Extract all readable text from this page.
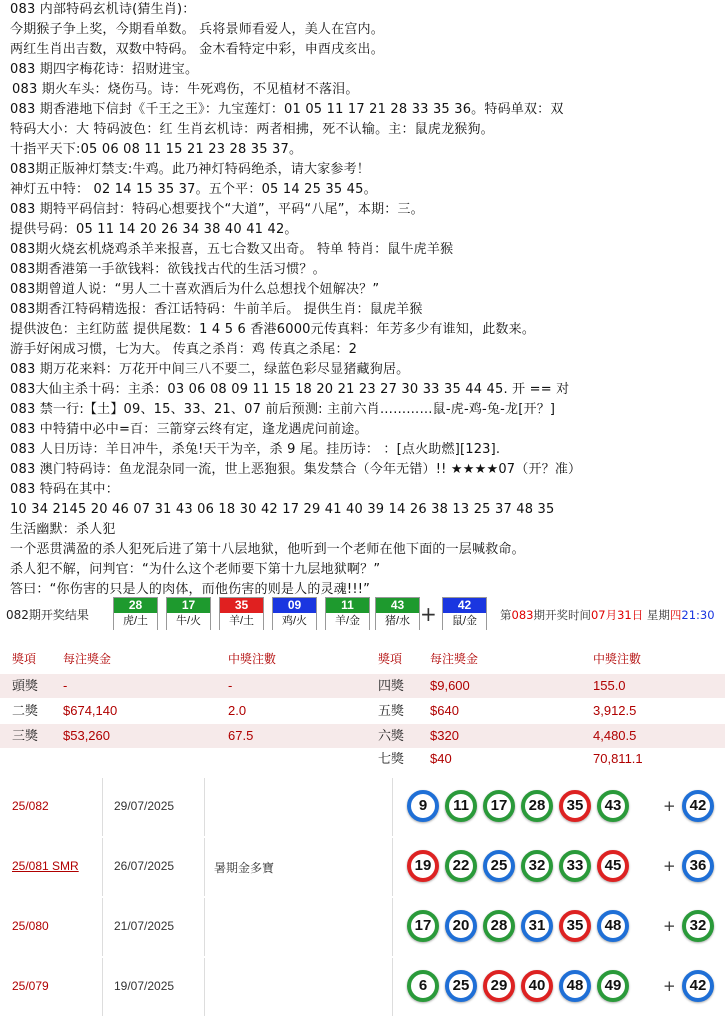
083 内部特码玄机诗(猜生肖)：
今期猴子争上奖，今期看单数。 兵将景师看爱人，美人在宫内。
两红生肖出吉数，双数中特码。 金木看特定中彩，申酉戌亥出。
083 期四字梅花诗：招财进宝。
083 期火车头：烧伤马。诗：牛死鸡伤，不见植材不落泪。
083 期香港地下信封《千王之王》：九宝莲灯：01 05 11 17 21 28 33 35 36。特码单双：双
特码大小：大 特码波色：红 生肖玄机诗：两者相拂，死不认输。主：鼠虎龙猴狗。
十指平天下:05 06 08 11 15 21 23 28 35 37。
083期正版神灯禁支:牛鸡。此乃神灯特码绝杀，请大家参考！
神灯五中特： 02 14 15 35 37。五个平：05 14 25 35 45。
083 期特平码信封：特码心想要找个“大道”，平码“八尾”，本期：三。
提供号码：05 11 14 20 26 34 38 40 41 42。
083期火烧玄机烧鸡杀羊来报喜，五七合数又出奇。 特单 特肖：鼠牛虎羊猴
083期香港第一手欲钱料：欲钱找古代的生活习惯？。
083期曾道人说：“男人二十喜欢酒后为什么总想找个妞解决？”
083期香江特码精选报：香江话特码：牛前羊后。 提供生肖：鼠虎羊猴
提供波色：主红防蓝 提供尾数：1 4 5 6 香港6000元传真料：年芳多少有谁知，此数来。
游手好闲成习惯，七为大。 传真之杀肖：鸡 传真之杀尾：2
083 期万花来料：万花开中间三八不要二，绿蓝色彩尽显猪藏狗居。
083大仙主杀十码：主杀：03 06 08 09 11 15 18 20 21 23 27 30 33 35 44 45. 开 == 对
083 禁一行:【土】09、15、33、21、07 前后预测: 主前六肖…………鼠-虎-鸡-兔-龙[开？]
083 中特猜中必中=百：三箭穿云终有定，逢龙遇虎问前途。
083 人日历诗：羊日冲牛，杀兔!天干为辛，杀 9 尾。挂历诗： ：[点火助燃][123].
083 澳门特码诗：鱼龙混杂同一流，世上恶狍狠。集发禁合（今年无错）!! ★★★★07（开？准）
083 特码在其中：
10 34 2145 20 46 07 31 43 06 18 30 42 17 29 41 40 39 14 26 38 13 25 37 48 35
生活幽默：杀人犯
一个恶贯满盈的杀人犯死后进了第十八层地狱，他听到一个老师在他下面的一层喊救命。
杀人犯不解，问判官：“为什么这个老师要下第十九层地狱啊？”
答曰：“你伤害的只是人的肉体，而他伤害的则是人的灵魂!!!”
082期开奖结果
28
虎/土
17
牛/火
35
羊/土
09
鸡/火
11
羊/金
43
猪/水
42
鼠/金
+	第083期开奖时间07月31日 星期四21:30
獎項 每注獎金	中獎注數	獎項 每注獎金	中獎注數
頭獎 -	-	四獎 $9,600	155.0
二獎 $674,140	2.0	五獎 $640	3,912.5
三獎 $53,260	67.5	六獎 $320	4,480.5
七獎 $40	70,811.1
25/082	29/07/2025	9	11	17	28	35	43	+ 42
25/081 SMR	26/07/2025	暑期金多寶	19	22	25	32	33	45	+ 36
25/080	21/07/2025	17	20	28	31	35	48	+ 32
25/079	19/07/2025	6	25	29	40	48	49	+ 42
